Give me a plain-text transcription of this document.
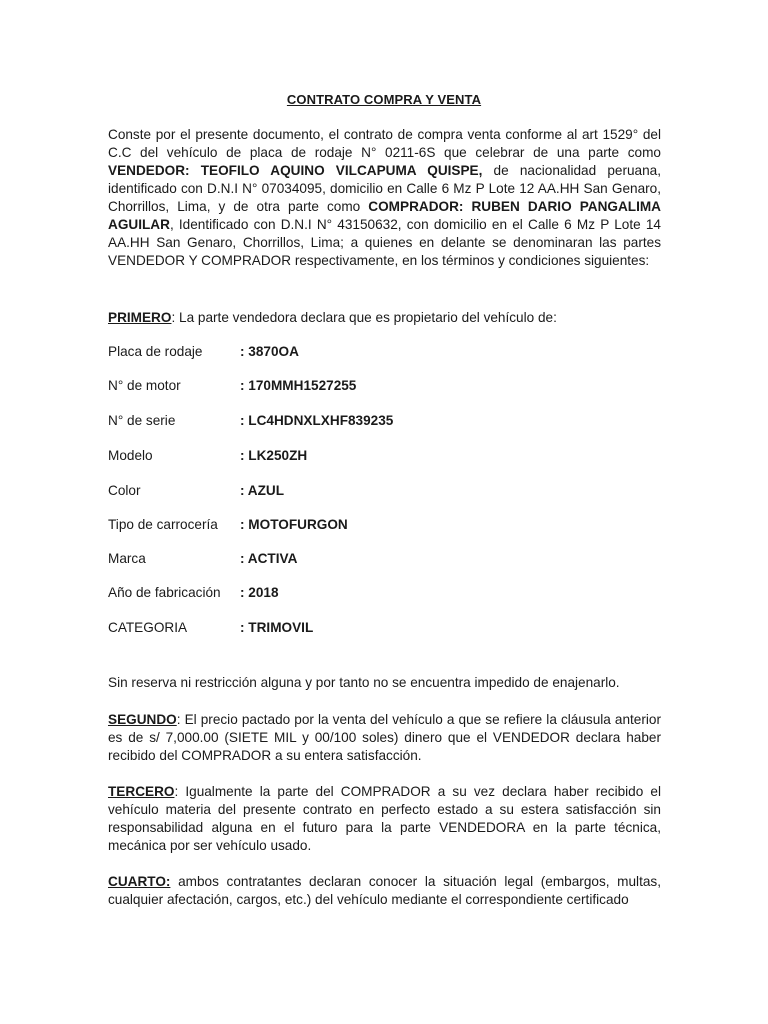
CONTRATO COMPRA Y VENTA
Conste por el presente documento, el contrato de compra venta conforme al art 1529° del C.C del vehículo de placa de rodaje N° 0211-6S que celebrar de una parte como VENDEDOR: TEOFILO AQUINO VILCAPUMA QUISPE, de nacionalidad peruana, identificado con D.N.I N° 07034095, domicilio en Calle 6 Mz P Lote 12 AA.HH San Genaro, Chorrillos, Lima, y de otra parte como COMPRADOR: RUBEN DARIO PANGALIMA AGUILAR, Identificado con D.N.I N° 43150632, con domicilio en el Calle 6 Mz P Lote 14 AA.HH San Genaro, Chorrillos, Lima; a quienes en delante se denominaran las partes VENDEDOR Y COMPRADOR respectivamente, en los términos y condiciones siguientes:
PRIMERO: La parte vendedora declara que es propietario del vehículo de:
Placa de rodaje	: 3870OA
N° de motor	: 170MMH1527255
N° de serie	: LC4HDNXLXHF839235
Modelo	: LK250ZH
Color	: AZUL
Tipo de carrocería : MOTOFURGON
Marca	: ACTIVA
Año de fabricación : 2018
CATEGORIA	: TRIMOVIL
Sin reserva ni restricción alguna y por tanto no se encuentra impedido de enajenarlo.
SEGUNDO: El precio pactado por la venta del vehículo a que se refiere la cláusula anterior es de s/ 7,000.00 (SIETE MIL y 00/100 soles) dinero que el VENDEDOR declara haber recibido del COMPRADOR a su entera satisfacción.
TERCERO: Igualmente la parte del COMPRADOR a su vez declara haber recibido el vehículo materia del presente contrato en perfecto estado a su estera satisfacción sin responsabilidad alguna en el futuro para la parte VENDEDORA en la parte técnica, mecánica por ser vehículo usado.
CUARTO: ambos contratantes declaran conocer la situación legal (embargos, multas, cualquier afectación, cargos, etc.) del vehículo mediante el correspondiente certificado
